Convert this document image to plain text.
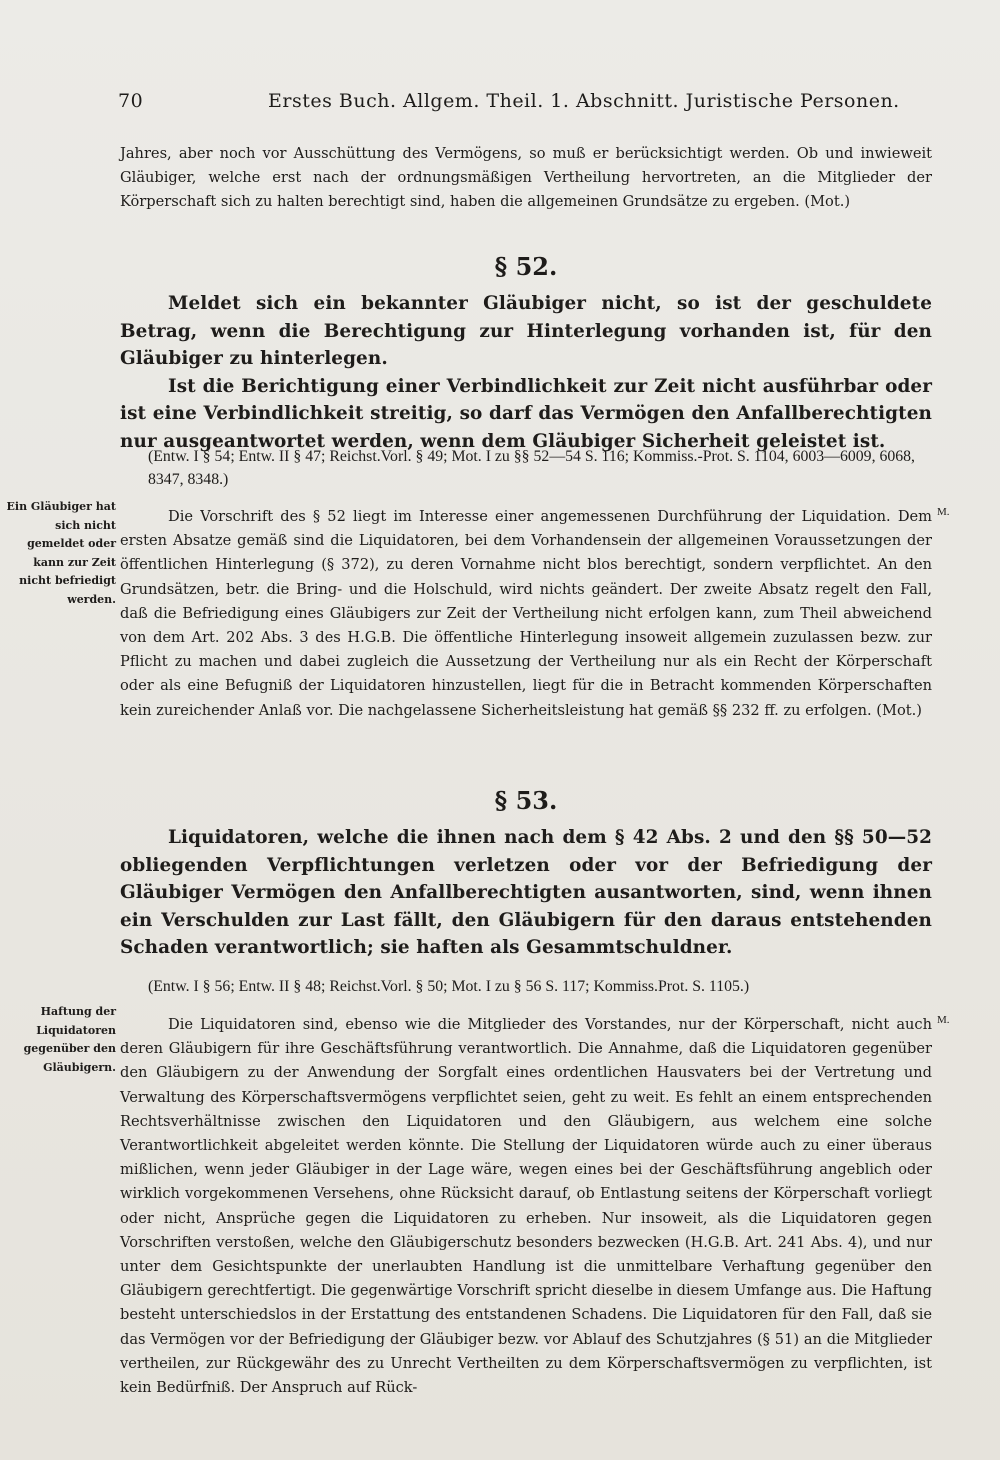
70	Erstes Buch. Allgem. Theil. 1. Abschnitt. Juristische Personen.

Jahres, aber noch vor Ausschüttung des Vermögens, so muß er berücksichtigt werden. Ob und inwieweit Gläubiger, welche erst nach der ordnungsmäßigen Vertheilung hervortreten, an die Mitglieder der Körperschaft sich zu halten berechtigt sind, haben die allgemeinen Grundsätze zu ergeben. (Mot.)

§ 52.

Meldet sich ein bekannter Gläubiger nicht, so ist der geschuldete Betrag, wenn die Berechtigung zur Hinterlegung vorhanden ist, für den Gläubiger zu hinterlegen.

Ist die Berichtigung einer Verbindlichkeit zur Zeit nicht ausführbar oder ist eine Verbindlichkeit streitig, so darf das Vermögen den Anfallberechtigten nur ausgeantwortet werden, wenn dem Gläubiger Sicherheit geleistet ist.

(Entw. I § 54; Entw. II § 47; Reichst.Vorl. § 49; Mot. I zu §§ 52—54 S. 116; Kommiss.-Prot. S. 1104, 6003—6009, 6068, 8347, 8348.)

Ein Gläubiger hat sich nicht gemeldet oder kann zur Zeit nicht befriedigt werden.
M.

Die Vorschrift des § 52 liegt im Interesse einer angemessenen Durchführung der Liquidation. Dem ersten Absatze gemäß sind die Liquidatoren, bei dem Vorhandensein der allgemeinen Voraussetzungen der öffentlichen Hinterlegung (§ 372), zu deren Vornahme nicht blos berechtigt, sondern verpflichtet. An den Grundsätzen, betr. die Bring- und die Holschuld, wird nichts geändert. Der zweite Absatz regelt den Fall, daß die Befriedigung eines Gläubigers zur Zeit der Vertheilung nicht erfolgen kann, zum Theil abweichend von dem Art. 202 Abs. 3 des H.G.B. Die öffentliche Hinterlegung insoweit allgemein zuzulassen bezw. zur Pflicht zu machen und dabei zugleich die Aussetzung der Vertheilung nur als ein Recht der Körperschaft oder als eine Befugniß der Liquidatoren hinzustellen, liegt für die in Betracht kommenden Körperschaften kein zureichender Anlaß vor. Die nachgelassene Sicherheitsleistung hat gemäß §§ 232 ff. zu erfolgen. (Mot.)

§ 53.

Liquidatoren, welche die ihnen nach dem § 42 Abs. 2 und den §§ 50—52 obliegenden Verpflichtungen verletzen oder vor der Befriedigung der Gläubiger Vermögen den Anfallberechtigten ausantworten, sind, wenn ihnen ein Verschulden zur Last fällt, den Gläubigern für den daraus entstehenden Schaden verantwortlich; sie haften als Gesammtschuldner.

(Entw. I § 56; Entw. II § 48; Reichst.Vorl. § 50; Mot. I zu § 56 S. 117; Kommiss.Prot. S. 1105.)

Haftung der Liquidatoren gegenüber den Gläubigern.
M.

Die Liquidatoren sind, ebenso wie die Mitglieder des Vorstandes, nur der Körperschaft, nicht auch deren Gläubigern für ihre Geschäftsführung verantwortlich. Die Annahme, daß die Liquidatoren gegenüber den Gläubigern zu der Anwendung der Sorgfalt eines ordentlichen Hausvaters bei der Vertretung und Verwaltung des Körperschaftsvermögens verpflichtet seien, geht zu weit. Es fehlt an einem entsprechenden Rechtsverhältnisse zwischen den Liquidatoren und den Gläubigern, aus welchem eine solche Verantwortlichkeit abgeleitet werden könnte. Die Stellung der Liquidatoren würde auch zu einer überaus mißlichen, wenn jeder Gläubiger in der Lage wäre, wegen eines bei der Geschäftsführung angeblich oder wirklich vorgekommenen Versehens, ohne Rücksicht darauf, ob Entlastung seitens der Körperschaft vorliegt oder nicht, Ansprüche gegen die Liquidatoren zu erheben. Nur insoweit, als die Liquidatoren gegen Vorschriften verstoßen, welche den Gläubigerschutz besonders bezwecken (H.G.B. Art. 241 Abs. 4), und nur unter dem Gesichtspunkte der unerlaubten Handlung ist die unmittelbare Verhaftung gegenüber den Gläubigern gerechtfertigt. Die gegenwärtige Vorschrift spricht dieselbe in diesem Umfange aus. Die Haftung besteht unterschiedslos in der Erstattung des entstandenen Schadens. Die Liquidatoren für den Fall, daß sie das Vermögen vor der Befriedigung der Gläubiger bezw. vor Ablauf des Schutzjahres (§ 51) an die Mitglieder vertheilen, zur Rückgewähr des zu Unrecht Vertheilten zu dem Körperschaftsvermögen zu verpflichten, ist kein Bedürfniß. Der Anspruch auf Rück-
